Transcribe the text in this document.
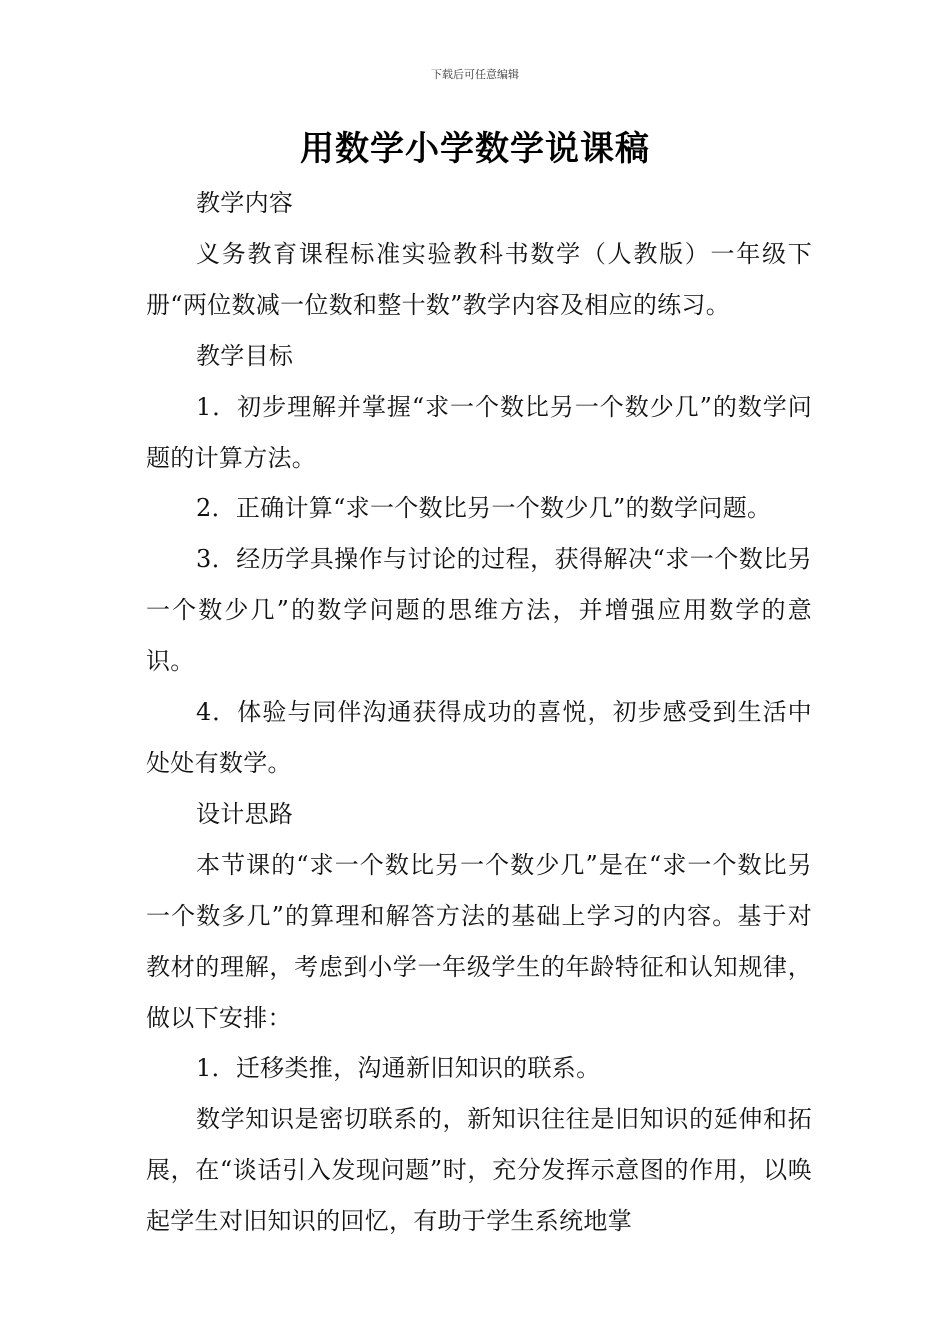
下载后可任意编辑
用数学小学数学说课稿

教学内容

义务教育课程标准实验教科书数学（人教版）一年级下册“两位数减一位数和整十数”教学内容及相应的练习。

教学目标

1．初步理解并掌握“求一个数比另一个数少几”的数学问题的计算方法。

2．正确计算“求一个数比另一个数少几”的数学问题。

3．经历学具操作与讨论的过程，获得解决“求一个数比另一个数少几”的数学问题的思维方法，并增强应用数学的意识。

4．体验与同伴沟通获得成功的喜悦，初步感受到生活中处处有数学。

设计思路

本节课的“求一个数比另一个数少几”是在“求一个数比另一个数多几”的算理和解答方法的基础上学习的内容。基于对教材的理解，考虑到小学一年级学生的年龄特征和认知规律，做以下安排：

1．迁移类推，沟通新旧知识的联系。

数学知识是密切联系的，新知识往往是旧知识的延伸和拓展，在“谈话引入发现问题”时，充分发挥示意图的作用，以唤起学生对旧知识的回忆，有助于学生系统地掌
